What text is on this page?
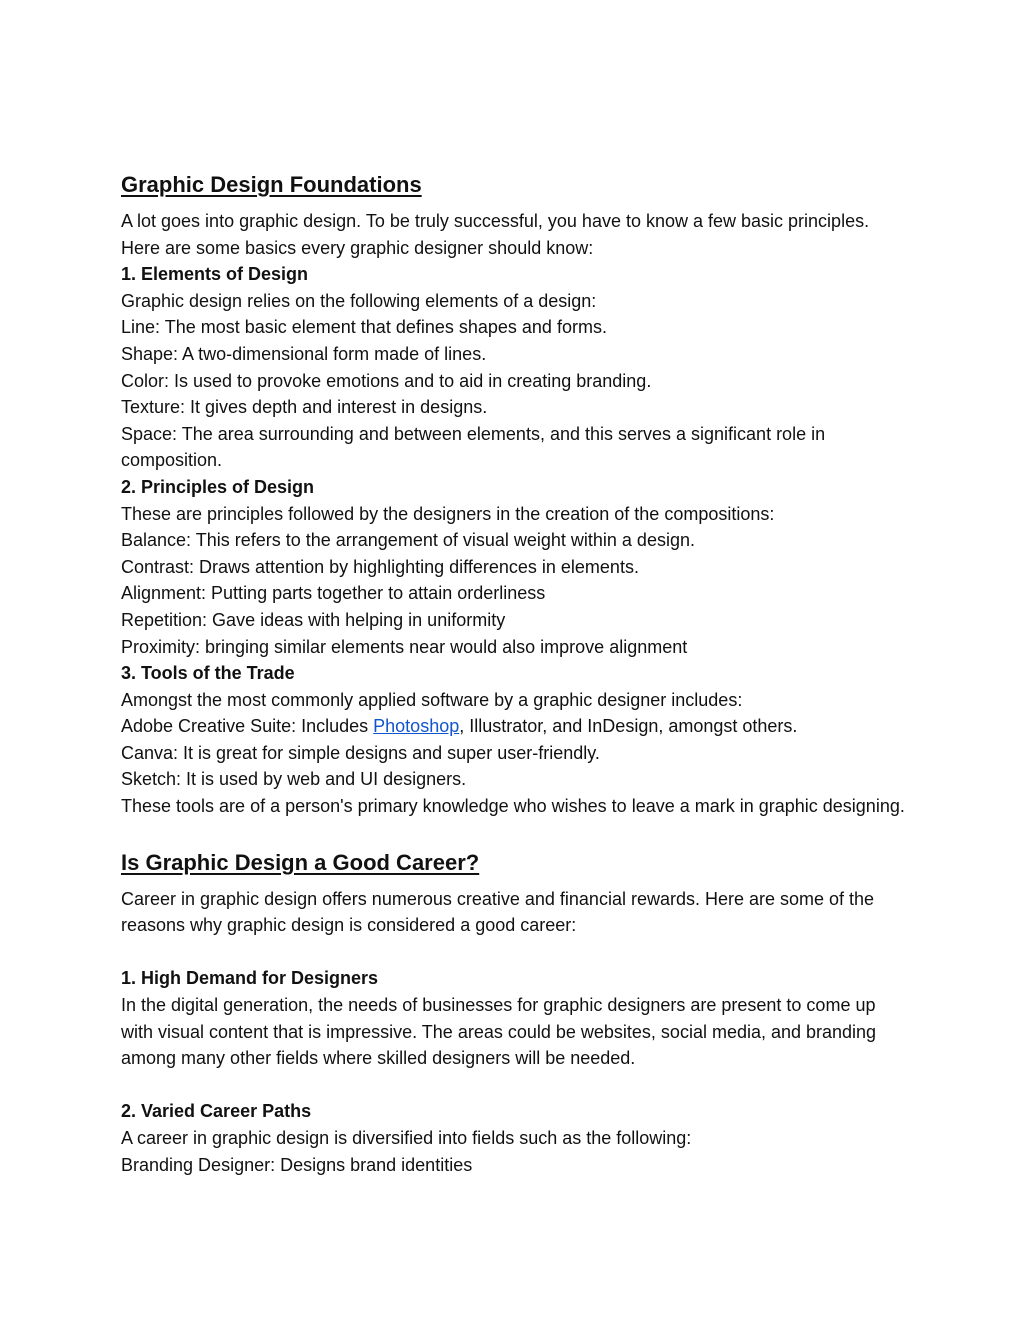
Graphic Design Foundations

A lot goes into graphic design. To be truly successful, you have to know a few basic principles. Here are some basics every graphic designer should know:

1. Elements of Design

Graphic design relies on the following elements of a design:

Line: The most basic element that defines shapes and forms.

Shape: A two-dimensional form made of lines.

Color: Is used to provoke emotions and to aid in creating branding.

Texture: It gives depth and interest in designs.

Space: The area surrounding and between elements, and this serves a significant role in composition.

2. Principles of Design

These are principles followed by the designers in the creation of the compositions:

Balance: This refers to the arrangement of visual weight within a design.

Contrast: Draws attention by highlighting differences in elements.

Alignment: Putting parts together to attain orderliness

Repetition: Gave ideas with helping in uniformity

Proximity: bringing similar elements near would also improve alignment

3. Tools of the Trade

Amongst the most commonly applied software by a graphic designer includes:

Adobe Creative Suite: Includes Photoshop, Illustrator, and InDesign, amongst others.

Canva: It is great for simple designs and super user-friendly.

Sketch: It is used by web and UI designers.

These tools are of a person's primary knowledge who wishes to leave a mark in graphic designing.

Is Graphic Design a Good Career?

Career in graphic design offers numerous creative and financial rewards. Here are some of the reasons why graphic design is considered a good career:

1. High Demand for Designers

In the digital generation, the needs of businesses for graphic designers are present to come up with visual content that is impressive. The areas could be websites, social media, and branding among many other fields where skilled designers will be needed.

2. Varied Career Paths

A career in graphic design is diversified into fields such as the following:

Branding Designer: Designs brand identities
